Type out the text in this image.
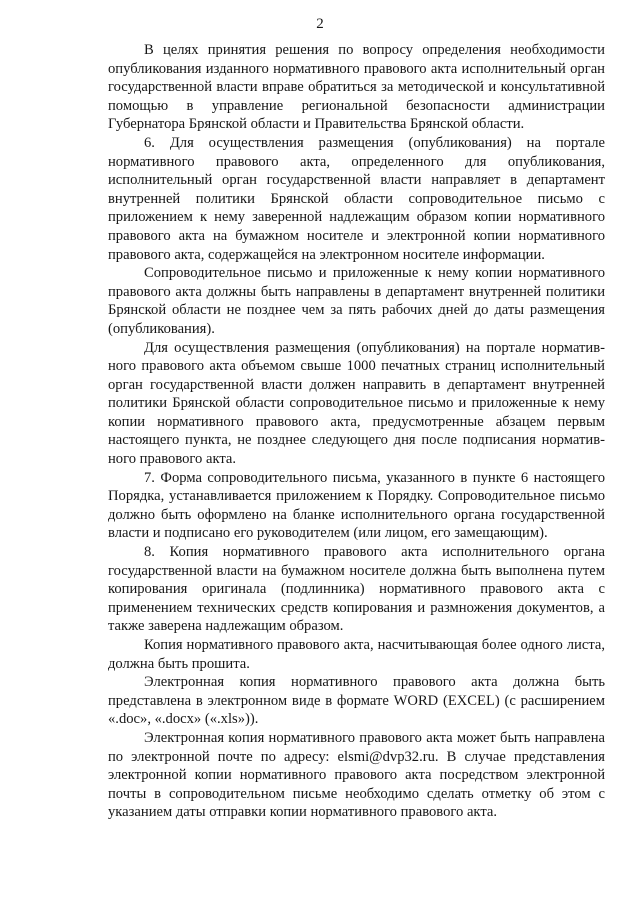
2

В целях принятия решения по вопросу определения необходимости опубликования изданного нормативного правового акта исполнительный орган государственной власти вправе обратиться за методической и консультативной помощью в управление региональной безопасности администрации Губернатора Брянской области и Правительства Брянской области.

6. Для осуществления размещения (опубликования) на портале нормативного правового акта, определенного для опубликования, исполнительный орган государственной власти направляет в департамент внутренней политики Брянской области сопроводительное письмо с приложением к нему заверенной надлежащим образом копии нормативного правового акта на бумажном носителе и электронной копии нормативного правового акта, содержащейся на электронном носителе информации.

Сопроводительное письмо и приложенные к нему копии нормативного правового акта должны быть направлены в департамент внутренней политики Брянской области не позднее чем за пять рабочих дней до даты размещения (опубликования).

Для осуществления размещения (опубликования) на портале нормативного правового акта объемом свыше 1000 печатных страниц исполнительный орган государственной власти должен направить в департамент внутренней политики Брянской области сопроводительное письмо и приложенные к нему копии нормативного правового акта, предусмотренные абзацем первым настоящего пункта, не позднее следующего дня после подписания нормативного правового акта.

7. Форма сопроводительного письма, указанного в пункте 6 настоящего Порядка, устанавливается приложением к Порядку. Сопроводительное письмо должно быть оформлено на бланке исполнительного органа государственной власти и подписано его руководителем (или лицом, его замещающим).

8. Копия нормативного правового акта исполнительного органа государственной власти на бумажном носителе должна быть выполнена путем копирования оригинала (подлинника) нормативного правового акта с применением технических средств копирования и размножения документов, а также заверена надлежащим образом.

Копия нормативного правового акта, насчитывающая более одного листа, должна быть прошита.

Электронная копия нормативного правового акта должна быть представлена в электронном виде в формате WORD (EXCEL) (с расширением «.doc», «.docx» («.xls»)).

Электронная копия нормативного правового акта может быть направлена по электронной почте по адресу: elsmi@dvp32.ru. В случае представления электронной копии нормативного правового акта посредством электронной почты в сопроводительном письме необходимо сделать отметку об этом с указанием даты отправки копии нормативного правового акта.
